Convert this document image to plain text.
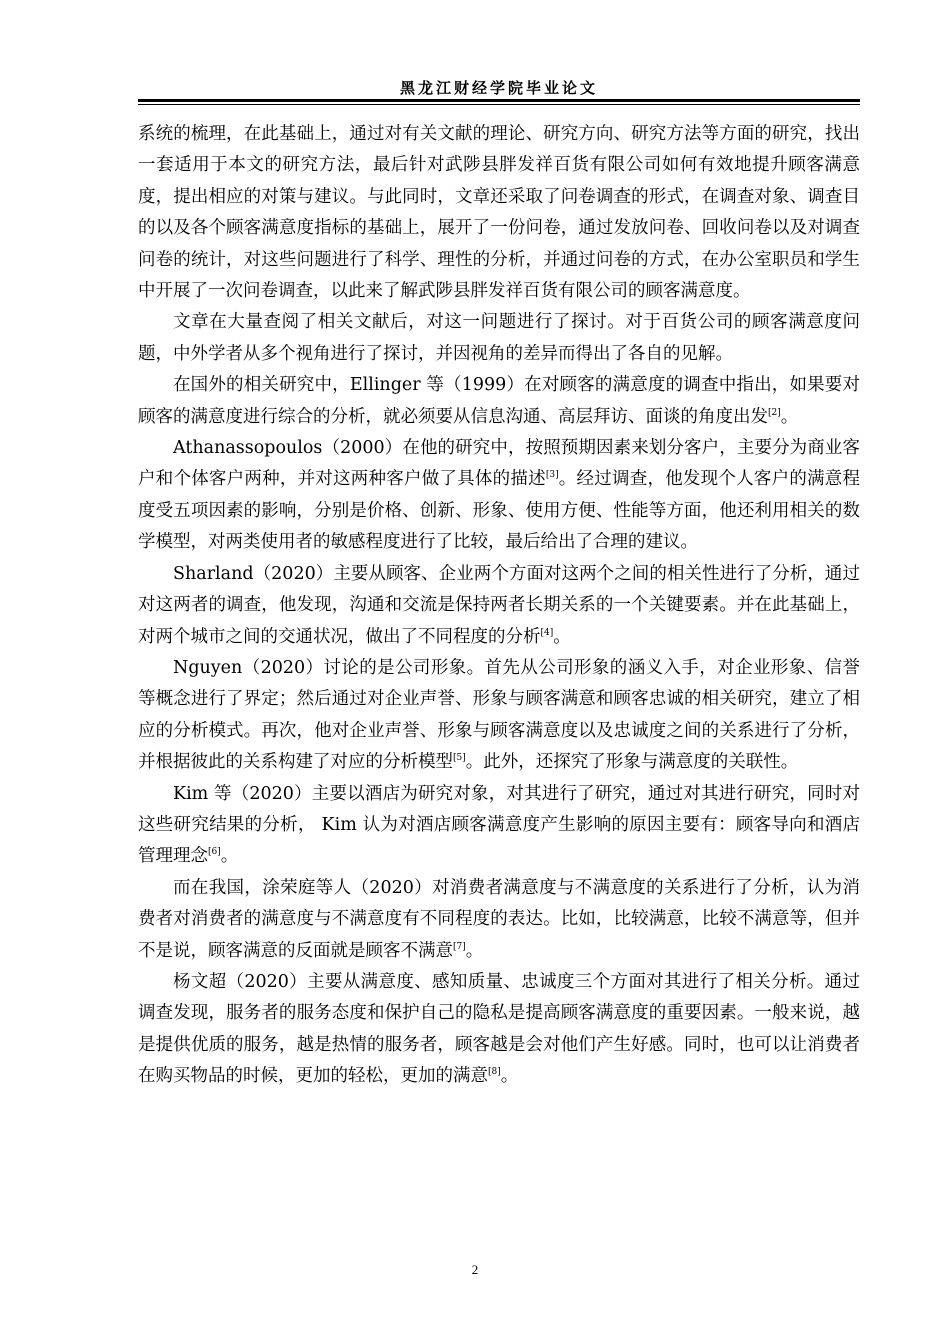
黑龙江财经学院毕业论文

系统的梳理，在此基础上，通过对有关文献的理论、研究方向、研究方法等方面的研究，找出一套适用于本文的研究方法，最后针对武陟县胖发祥百货有限公司如何有效地提升顾客满意度，提出相应的对策与建议。与此同时，文章还采取了问卷调查的形式，在调查对象、调查目的以及各个顾客满意度指标的基础上，展开了一份问卷，通过发放问卷、回收问卷以及对调查问卷的统计，对这些问题进行了科学、理性的分析，并通过问卷的方式，在办公室职员和学生中开展了一次问卷调查，以此来了解武陟县胖发祥百货有限公司的顾客满意度。

文章在大量查阅了相关文献后，对这一问题进行了探讨。对于百货公司的顾客满意度问题，中外学者从多个视角进行了探讨，并因视角的差异而得出了各自的见解。

在国外的相关研究中，Ellinger 等（1999）在对顾客的满意度的调查中指出，如果要对顾客的满意度进行综合的分析，就必须要从信息沟通、高层拜访、面谈的角度出发[2]。

Athanassopoulos（2000）在他的研究中，按照预期因素来划分客户，主要分为商业客户和个体客户两种，并对这两种客户做了具体的描述[3]。经过调查，他发现个人客户的满意程度受五项因素的影响，分别是价格、创新、形象、使用方便、性能等方面，他还利用相关的数学模型，对两类使用者的敏感程度进行了比较，最后给出了合理的建议。

Sharland（2020）主要从顾客、企业两个方面对这两个之间的相关性进行了分析，通过对这两者的调查，他发现，沟通和交流是保持两者长期关系的一个关键要素。并在此基础上，对两个城市之间的交通状况，做出了不同程度的分析[4]。

Nguyen（2020）讨论的是公司形象。首先从公司形象的涵义入手，对企业形象、信誉等概念进行了界定；然后通过对企业声誉、形象与顾客满意和顾客忠诚的相关研究，建立了相应的分析模式。再次，他对企业声誉、形象与顾客满意度以及忠诚度之间的关系进行了分析，并根据彼此的关系构建了对应的分析模型[5]。此外，还探究了形象与满意度的关联性。

Kim 等（2020）主要以酒店为研究对象，对其进行了研究，通过对其进行研究，同时对这些研究结果的分析， Kim 认为对酒店顾客满意度产生影响的原因主要有：顾客导向和酒店管理理念[6]。

而在我国，涂荣庭等人（2020）对消费者满意度与不满意度的关系进行了分析，认为消费者对消费者的满意度与不满意度有不同程度的表达。比如，比较满意，比较不满意等，但并不是说，顾客满意的反面就是顾客不满意[7]。

杨文超（2020）主要从满意度、感知质量、忠诚度三个方面对其进行了相关分析。通过调查发现，服务者的服务态度和保护自己的隐私是提高顾客满意度的重要因素。一般来说，越是提供优质的服务，越是热情的服务者，顾客越是会对他们产生好感。同时，也可以让消费者在购买物品的时候，更加的轻松，更加的满意[8]。

2
